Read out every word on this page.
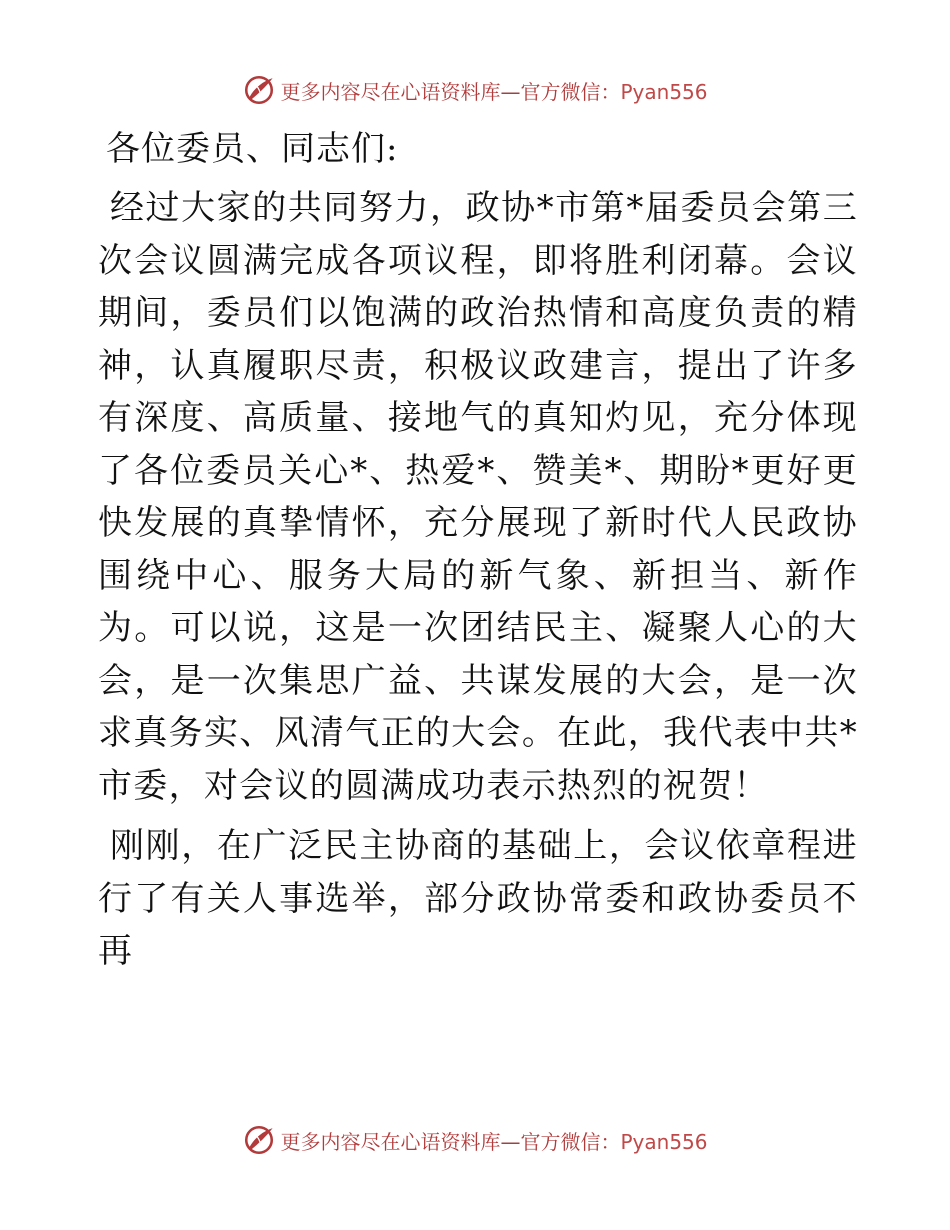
更多内容尽在心语资料库—官方微信：Pyan556
各位委员、同志们:

经过大家的共同努力，政协*市第*届委员会第三次会议圆满完成各项议程，即将胜利闭幕。会议期间，委员们以饱满的政治热情和高度负责的精神，认真履职尽责，积极议政建言，提出了许多有深度、高质量、接地气的真知灼见，充分体现了各位委员关心*、热爱*、赞美*、期盼*更好更快发展的真挚情怀，充分展现了新时代人民政协围绕中心、服务大局的新气象、新担当、新作为。可以说，这是一次团结民主、凝聚人心的大会，是一次集思广益、共谋发展的大会，是一次求真务实、风清气正的大会。在此，我代表中共*市委，对会议的圆满成功表示热烈的祝贺！

刚刚，在广泛民主协商的基础上，会议依章程进行了有关人事选举，部分政协常委和政协委员不再

更多内容尽在心语资料库—官方微信：Pyan556
